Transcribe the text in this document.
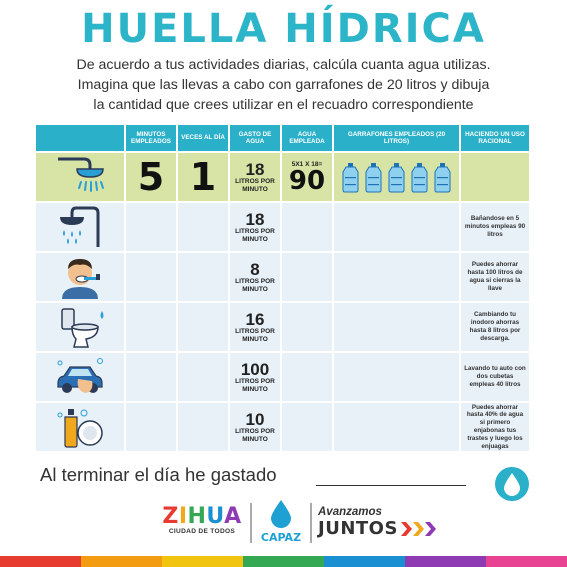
HUELLA HÍDRICA
De acuerdo a tus actividades diarias, calcúla cuanta agua utilizas.
Imagina que las llevas a cabo con garrafones de 20 litros y dibuja
la cantidad que crees utilizar en el recuadro correspondiente
MINUTOS EMPLEADOS
VECES AL DÍA
GASTO DE AGUA
AGUA EMPLEADA
GARRAFONES EMPLEADOS (20 LITROS)
HACIENDO UN USO RACIONAL
5 1	18
LITROS POR MINUTO
5X1 X 18=
90
18
LITROS POR MINUTO
Bañandose en 5 minutos empleas 90 litros
8
LITROS POR MINUTO
Puedes ahorrar hasta 100 litros de agua si cierras la llave
16
LITROS POR MINUTO
Cambiando tu inodoro ahorras hasta 8 litros por descarga.
100
LITROS POR MINUTO
Lavando tu auto con dos cubetas empleas 40 litros
10
LITROS POR MINUTO
Puedes ahorrar hasta 40% de agua si primero enjabonas tus trastes y luego los enjuagas
Al terminar el día he gastado
ZIHUA
CIUDAD DE TODOS	CAPAZ
Avanzamos
JUNTOS
